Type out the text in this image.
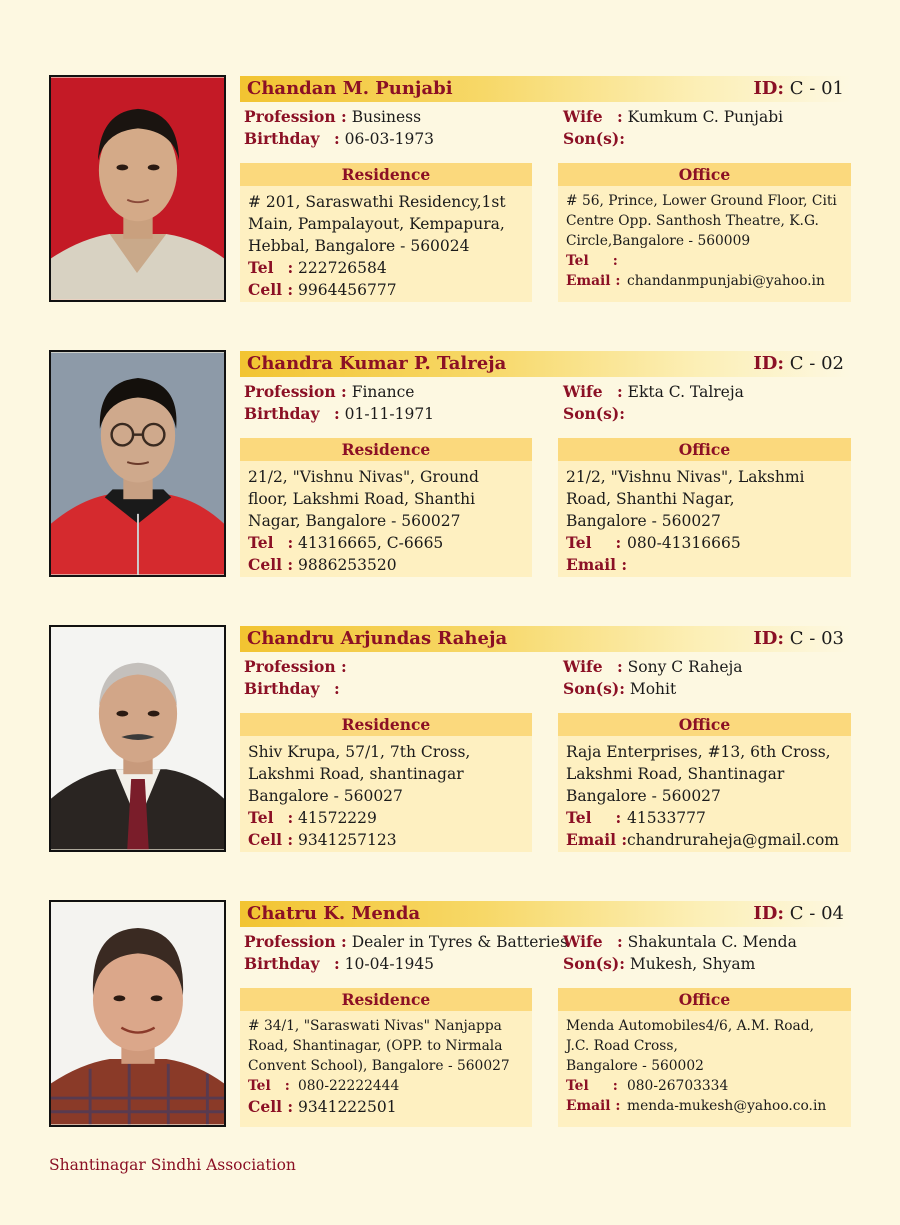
Chandan M. Punjabi	ID: C - 01
Profession : Business
Birthday : 06-03-1973
Wife : Kumkum C. Punjabi
Son(s):
Residence
# 201, Saraswathi Residency,1st
Main, Pampalayout, Kempapura,
Hebbal, Bangalore - 560024
Tel : 222726584
Cell : 9964456777
Office
# 56, Prince, Lower Ground Floor, Citi
Centre Opp. Santhosh Theatre, K.G.
Circle,Bangalore - 560009
Tel :
Email : chandanmpunjabi@yahoo.in
Chandra Kumar P. Talreja	ID: C - 02
Profession : Finance
Birthday : 01-11-1971
Wife : Ekta C. Talreja
Son(s):
Residence
21/2, "Vishnu Nivas", Ground
floor, Lakshmi Road, Shanthi
Nagar, Bangalore - 560027
Tel : 41316665, C-6665
Cell : 9886253520
Office
21/2, "Vishnu Nivas", Lakshmi
Road, Shanthi Nagar,
Bangalore - 560027
Tel : 080-41316665
Email :
Chandru Arjundas Raheja	ID: C - 03
Profession :
Birthday :
Wife : Sony C Raheja
Son(s): Mohit
Residence
Shiv Krupa, 57/1, 7th Cross,
Lakshmi Road, shantinagar
Bangalore - 560027
Tel : 41572229
Cell : 9341257123
Office
Raja Enterprises, #13, 6th Cross,
Lakshmi Road, Shantinagar
Bangalore - 560027
Tel : 41533777
Email :chandruraheja@gmail.com
Chatru K. Menda	ID: C - 04
Profession : Dealer in Tyres & Batteries
Birthday : 10-04-1945
Wife : Shakuntala C. Menda
Son(s): Mukesh, Shyam
Residence
# 34/1, "Saraswati Nivas" Nanjappa
Road, Shantinagar, (OPP. to Nirmala
Convent School), Bangalore - 560027
Tel : 080-22222444
Cell : 9341222501
Office
Menda Automobiles4/6, A.M. Road,
J.C. Road Cross,
Bangalore - 560002
Tel : 080-26703334
Email : menda-mukesh@yahoo.co.in
Shantinagar Sindhi Association
